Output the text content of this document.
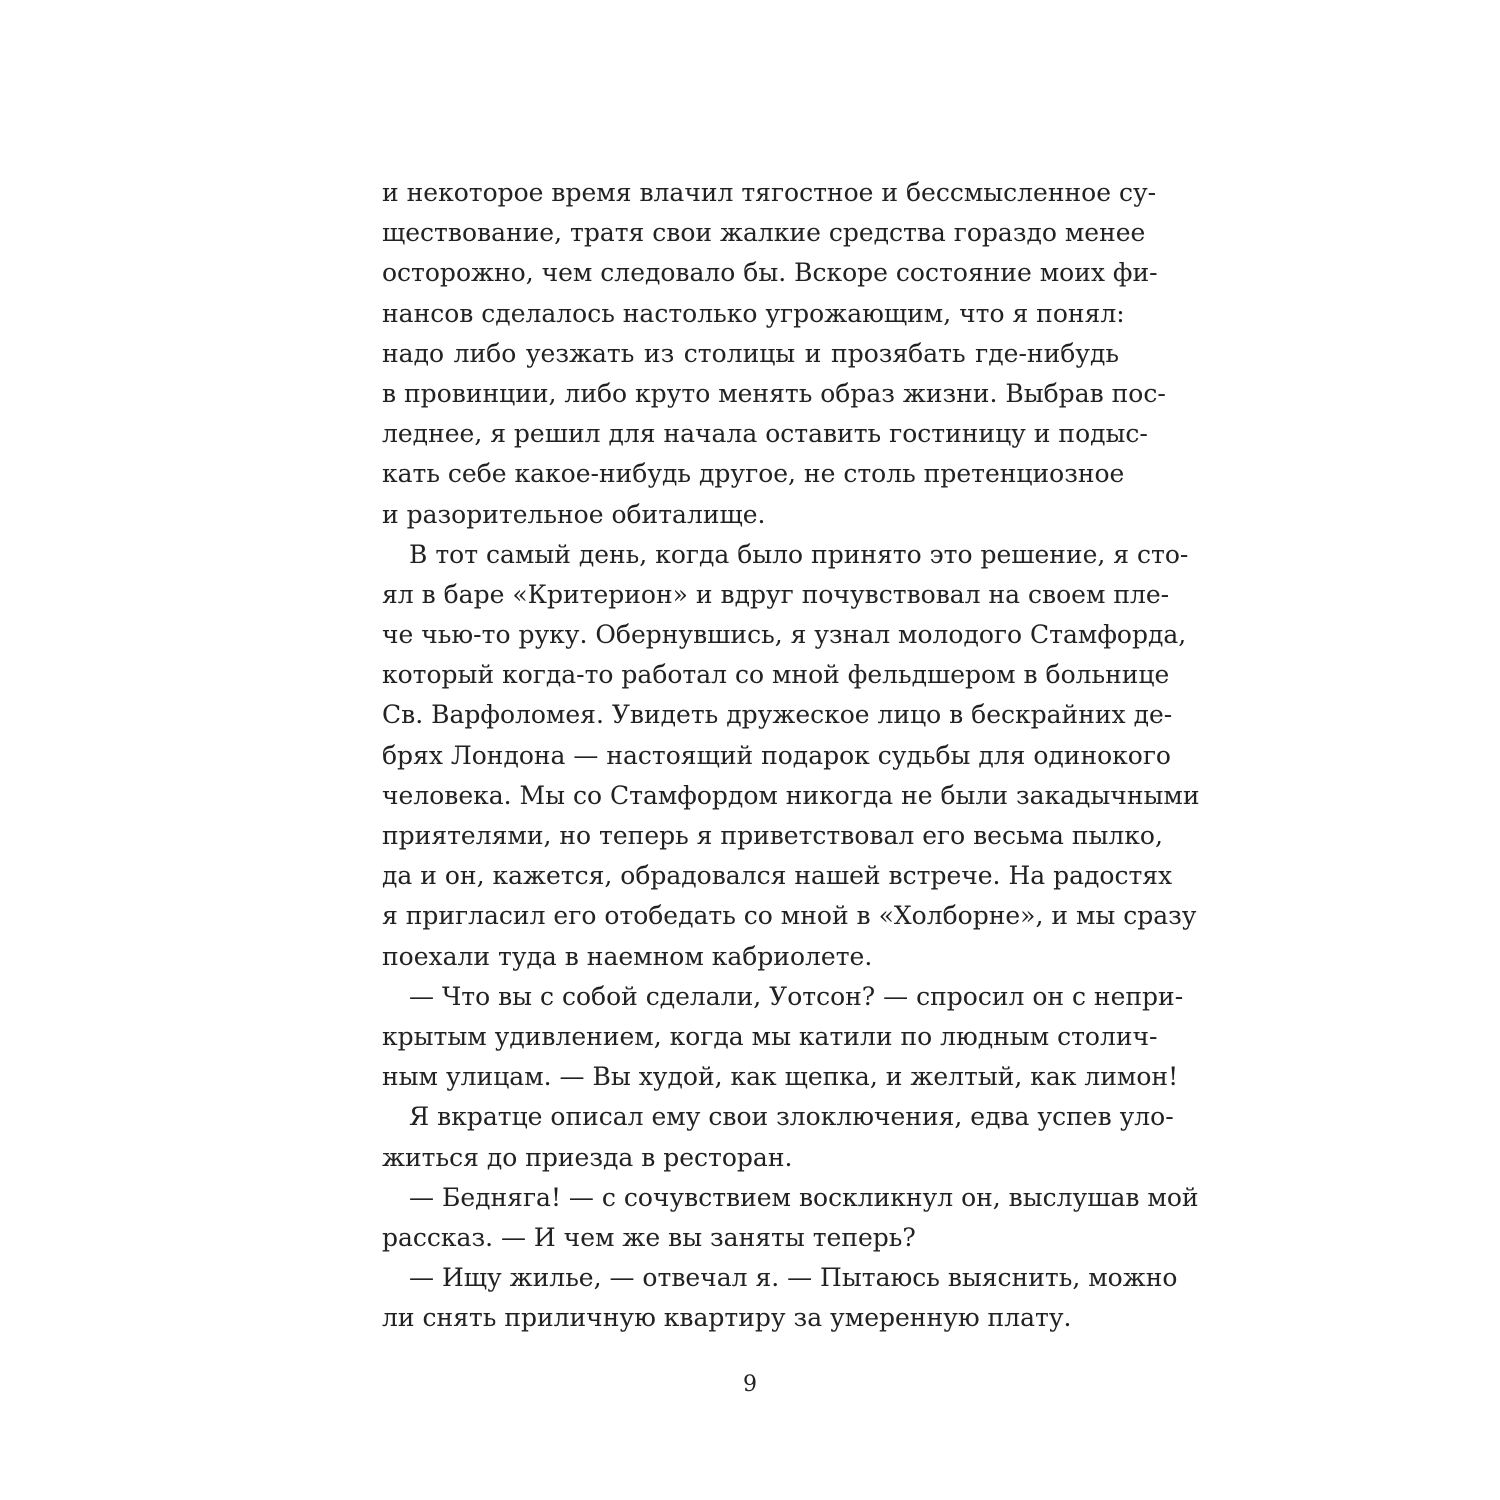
и некоторое время влачил тягостное и бессмысленное су-
ществование, тратя свои жалкие средства гораздо менее
осторожно, чем следовало бы. Вскоре состояние моих фи-
нансов сделалось настолько угрожающим, что я понял:
надо либо уезжать из столицы и прозябать где-нибудь
в провинции, либо круто менять образ жизни. Выбрав пос-
леднее, я решил для начала оставить гостиницу и подыс-
кать себе какое-нибудь другое, не столь претенциозное
и разорительное обиталище.
В тот самый день, когда было принято это решение, я сто-
ял в баре «Критерион» и вдруг почувствовал на своем пле-
че чью-то руку. Обернувшись, я узнал молодого Стамфорда,
который когда-то работал со мной фельдшером в больнице
Св. Варфоломея. Увидеть дружеское лицо в бескрайних де-
брях Лондона — настоящий подарок судьбы для одинокого
человека. Мы со Стамфордом никогда не были закадычными
приятелями, но теперь я приветствовал его весьма пылко,
да и он, кажется, обрадовался нашей встрече. На радостях
я пригласил его отобедать со мной в «Холборне», и мы сразу
поехали туда в наемном кабриолете.
— Что вы с собой сделали, Уотсон? — спросил он с непри-
крытым удивлением, когда мы катили по людным столич-
ным улицам. — Вы худой, как щепка, и желтый, как лимон!
Я вкратце описал ему свои злоключения, едва успев уло-
житься до приезда в ресторан.
— Бедняга! — с сочувствием воскликнул он, выслушав мой
рассказ. — И чем же вы заняты теперь?
— Ищу жилье, — отвечал я. — Пытаюсь выяснить, можно
ли снять приличную квартиру за умеренную плату.
9
